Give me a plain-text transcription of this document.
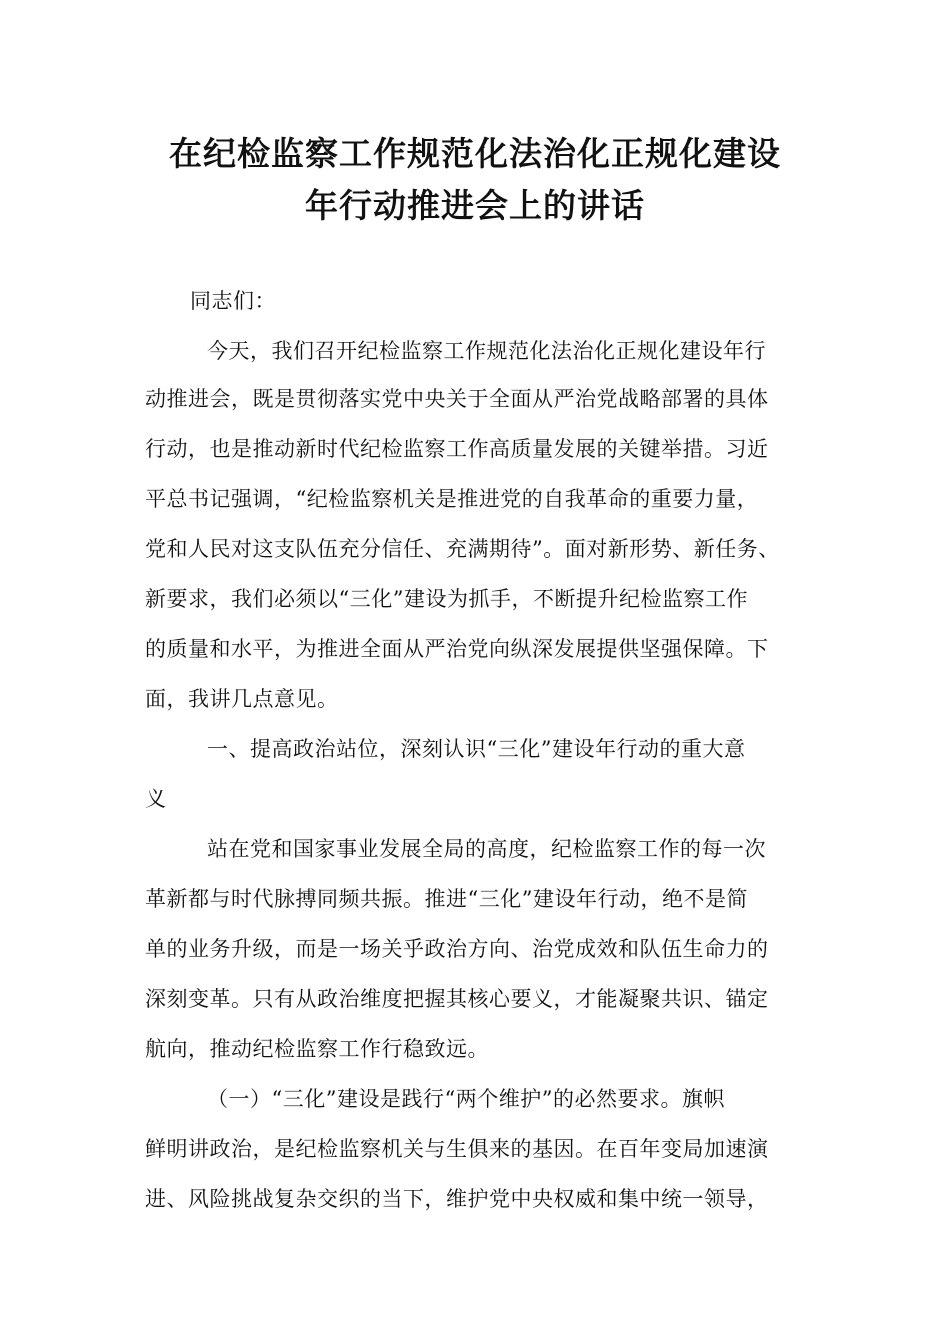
在纪检监察工作规范化法治化正规化建设
年行动推进会上的讲话
同志们：
今天，我们召开纪检监察工作规范化法治化正规化建设年行
动推进会，既是贯彻落实党中央关于全面从严治党战略部署的具体
行动，也是推动新时代纪检监察工作高质量发展的关键举措。习近
平总书记强调，“纪检监察机关是推进党的自我革命的重要力量，
党和人民对这支队伍充分信任、充满期待”。面对新形势、新任务、
新要求，我们必须以“三化”建设为抓手，不断提升纪检监察工作
的质量和水平，为推进全面从严治党向纵深发展提供坚强保障。下
面，我讲几点意见。
一、提高政治站位，深刻认识“三化”建设年行动的重大意
义
站在党和国家事业发展全局的高度，纪检监察工作的每一次
革新都与时代脉搏同频共振。推进“三化”建设年行动，绝不是简
单的业务升级，而是一场关乎政治方向、治党成效和队伍生命力的
深刻变革。只有从政治维度把握其核心要义，才能凝聚共识、锚定
航向，推动纪检监察工作行稳致远。
（一）“三化”建设是践行“两个维护”的必然要求。旗帜
鲜明讲政治，是纪检监察机关与生俱来的基因。在百年变局加速演
进、风险挑战复杂交织的当下，维护党中央权威和集中统一领导，
